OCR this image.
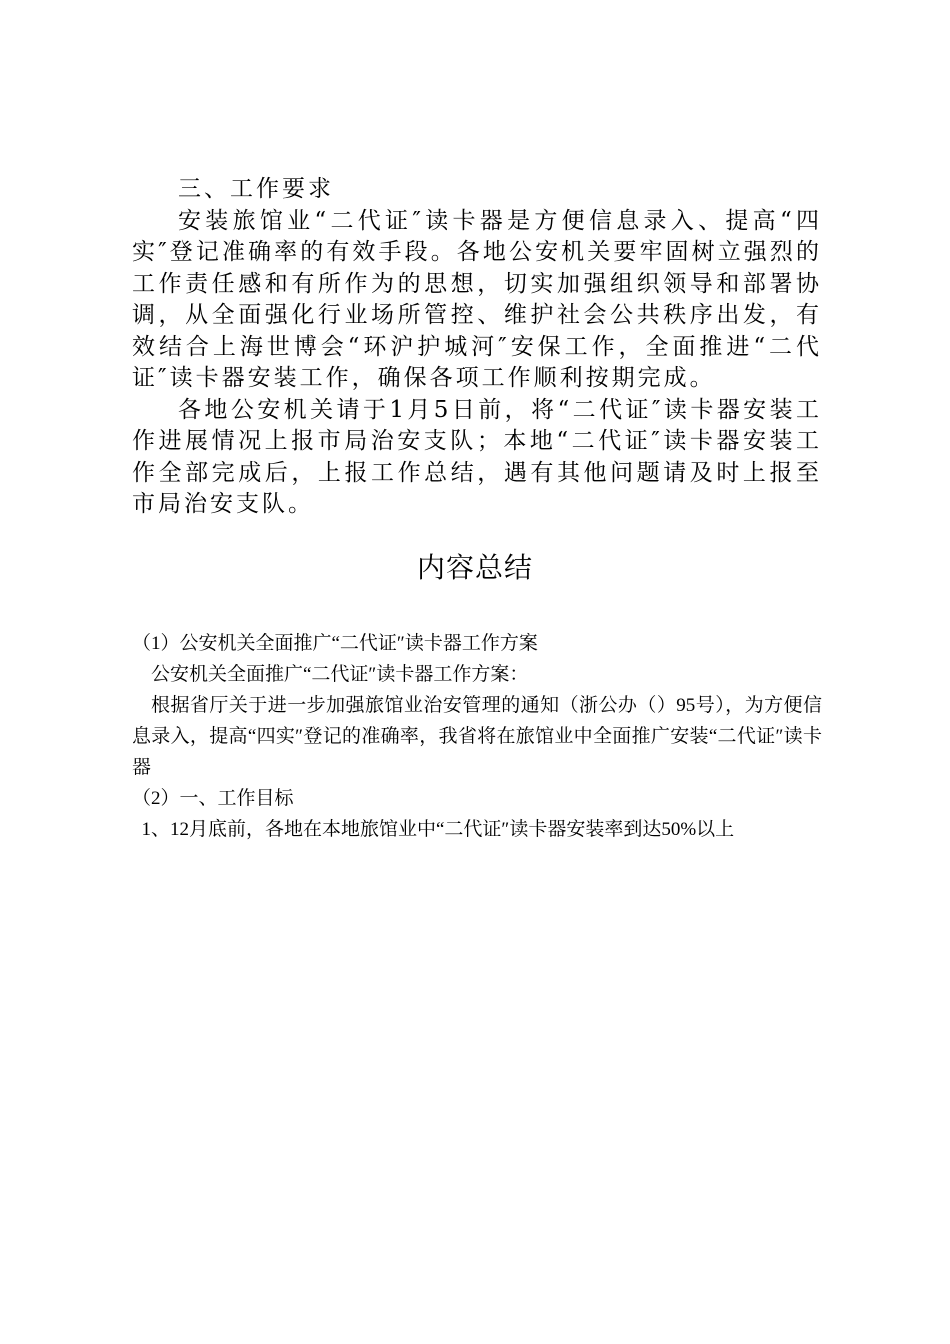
三、工作要求

安装旅馆业“二代证″读卡器是方便信息录入、提高“四实″登记准确率的有效手段。各地公安机关要牢固树立强烈的工作责任感和有所作为的思想，切实加强组织领导和部署协调，从全面强化行业场所管控、维护社会公共秩序出发，有效结合上海世博会“环沪护城河″安保工作，全面推进“二代证″读卡器安装工作，确保各项工作顺利按期完成。

各地公安机关请于1月5日前，将“二代证″读卡器安装工作进展情况上报市局治安支队；本地“二代证″读卡器安装工作全部完成后，上报工作总结，遇有其他问题请及时上报至市局治安支队。

内容总结

（1）公安机关全面推广“二代证″读卡器工作方案

公安机关全面推广“二代证″读卡器工作方案：

根据省厅关于进一步加强旅馆业治安管理的通知（浙公办（）95号），为方便信息录入，提高“四实″登记的准确率，我省将在旅馆业中全面推广安装“二代证″读卡器

（2）一、工作目标

1、12月底前，各地在本地旅馆业中“二代证″读卡器安装率到达50%以上
